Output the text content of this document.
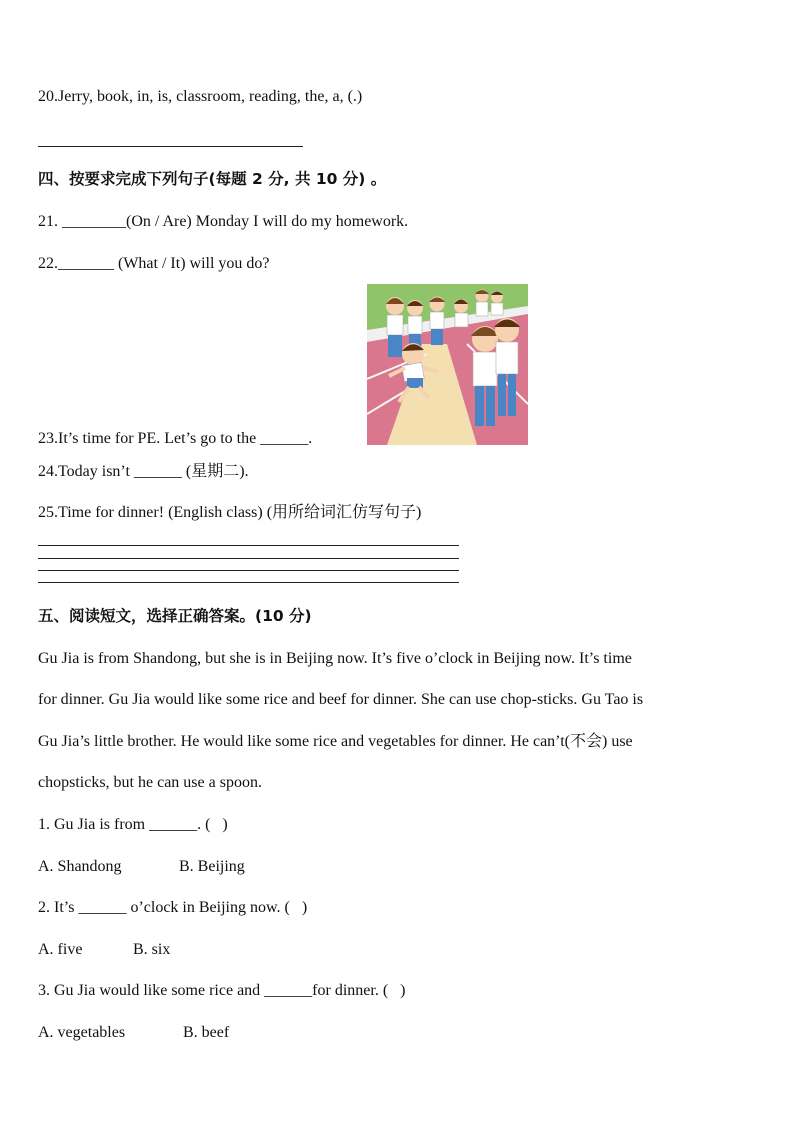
20.Jerry, book, in, is, classroom, reading, the, a, (.)
四、按要求完成下列句子(每题 2 分, 共 10 分) 。
21. ________(On / Are) Monday I will do my homework.
22._______ (What / It) will you do?
23.It’s time for PE. Let’s go to the ______.
24.Today isn’t ______ (星期二).
25.Time for dinner! (English class) (用所给词汇仿写句子)
五、阅读短文，选择正确答案。(10 分)
Gu Jia is from Shandong, but she is in Beijing now. It’s five o’clock in Beijing now. It’s time
for dinner. Gu Jia would like some rice and beef for dinner. She can use chop-sticks. Gu Tao is
Gu Jia’s little brother. He would like some rice and vegetables for dinner. He can’t(不会) use
chopsticks, but he can use a spoon.
1. Gu Jia is from ______. (   )
A. Shandong	B. Beijing
2. It’s ______ o’clock in Beijing now. (   )
A. five	B. six
3. Gu Jia would like some rice and ______for dinner. (   )
A. vegetables	B. beef
